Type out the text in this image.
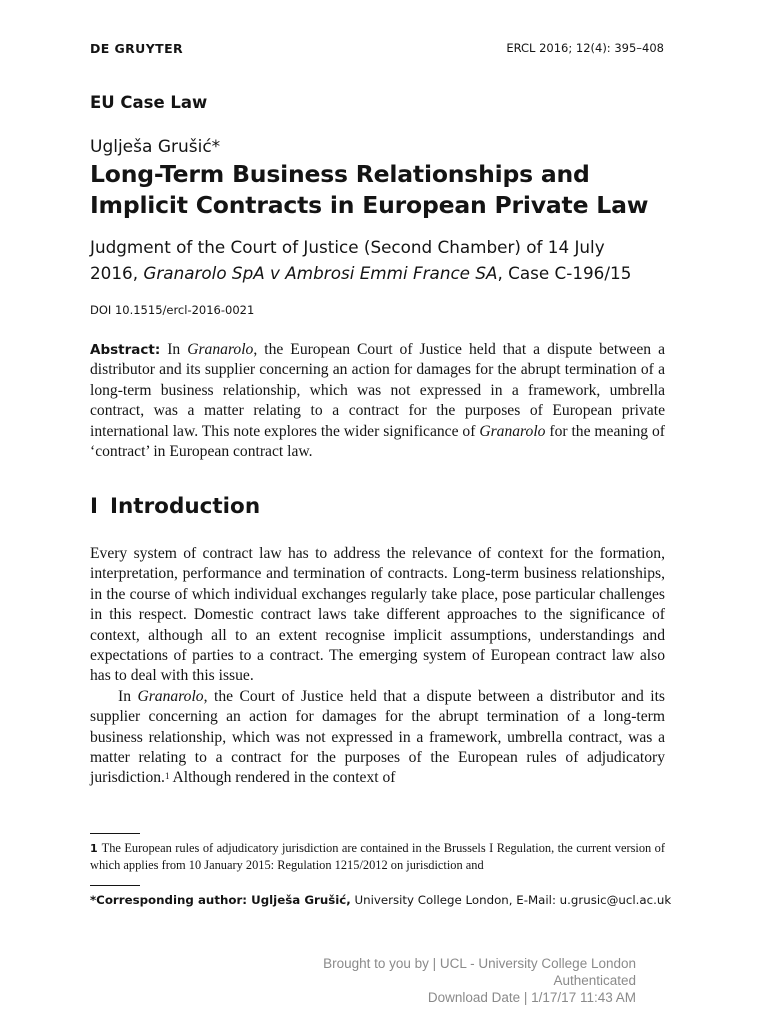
DE GRUYTER	ERCL 2016; 12(4): 395–408
EU Case Law
Uglješa Grušić*
Long-Term Business Relationships and
Implicit Contracts in European Private Law
Judgment of the Court of Justice (Second Chamber) of 14 July
2016, Granarolo SpA v Ambrosi Emmi France SA, Case C-196/15
DOI 10.1515/ercl-2016-0021

Abstract: In Granarolo, the European Court of Justice held that a dispute between a distributor and its supplier concerning an action for damages for the abrupt termination of a long-term business relationship, which was not expressed in a framework, umbrella contract, was a matter relating to a contract for the purposes of European private international law. This note explores the wider significance of Granarolo for the meaning of ‘contract’ in European contract law.

I Introduction

Every system of contract law has to address the relevance of context for the formation, interpretation, performance and termination of contracts. Long-term business relationships, in the course of which individual exchanges regularly take place, pose particular challenges in this respect. Domestic contract laws take different approaches to the significance of context, although all to an extent recognise implicit assumptions, understandings and expectations of parties to a contract. The emerging system of European contract law also has to deal with this issue.

In Granarolo, the Court of Justice held that a dispute between a distributor and its supplier concerning an action for damages for the abrupt termination of a long-term business relationship, which was not expressed in a framework, umbrella contract, was a matter relating to a contract for the purposes of the European rules of adjudicatory jurisdiction.$^1$ Although rendered in the context of

1 The European rules of adjudicatory jurisdiction are contained in the Brussels I Regulation, the current version of which applies from 10 January 2015: Regulation 1215/2012 on jurisdiction and
*Corresponding author: Uglješa Grušić, University College London, E-Mail: u.grusic@ucl.ac.uk
Brought to you by | UCL - University College London
Authenticated
Download Date | 1/17/17 11:43 AM
